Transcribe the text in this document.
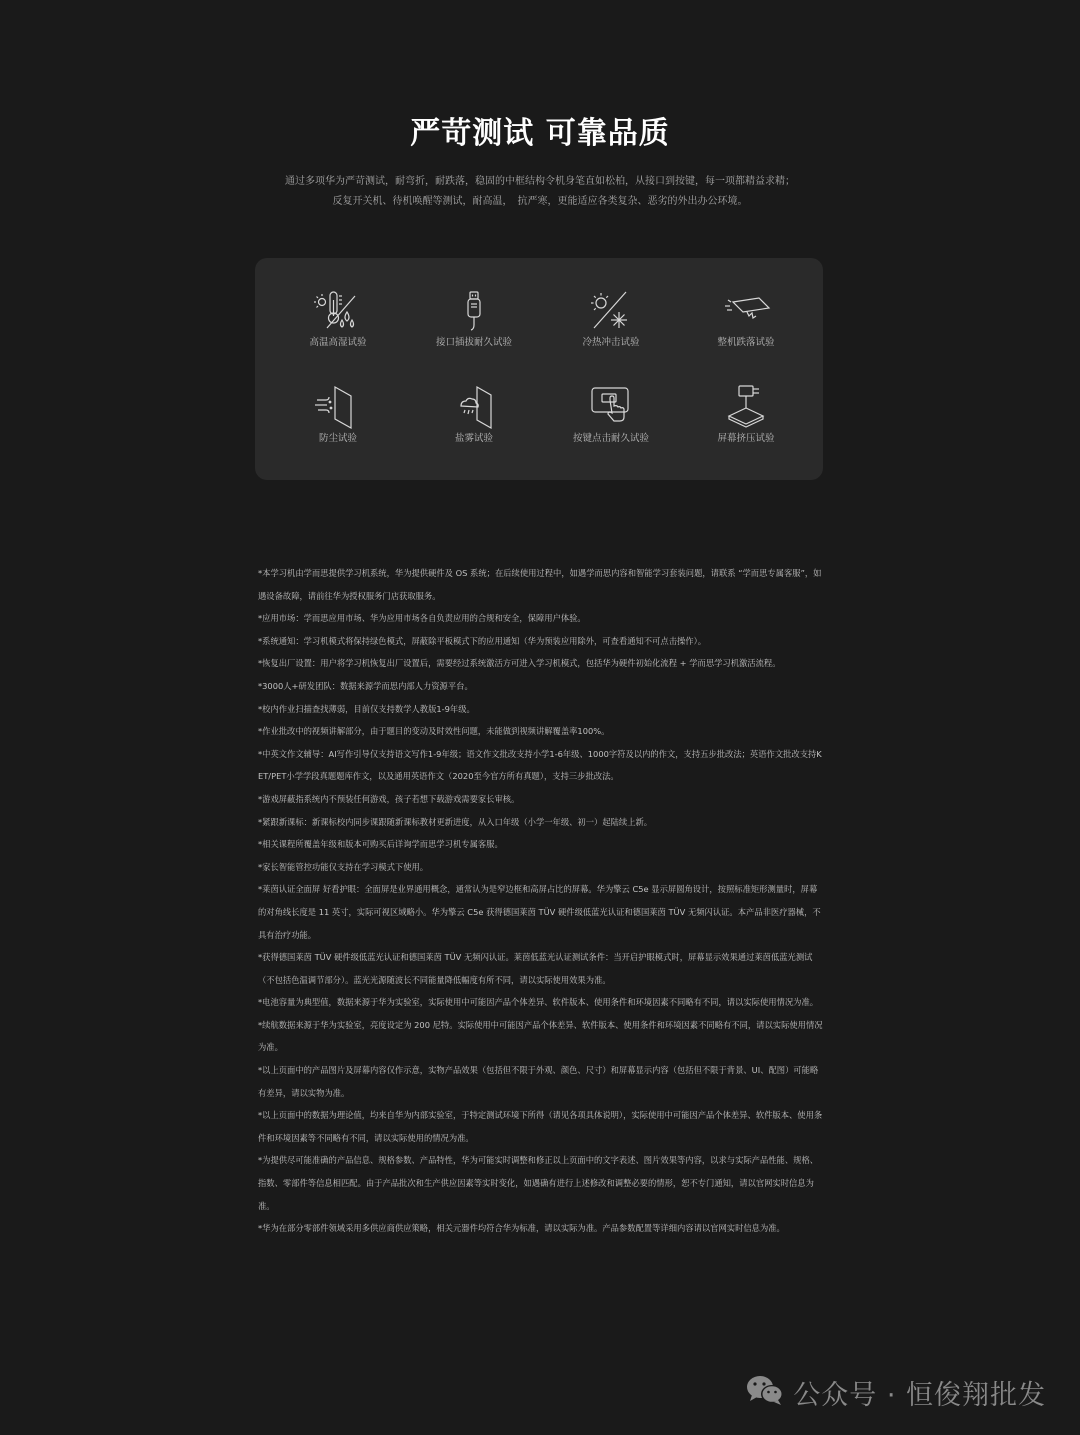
严苛测试 可靠品质

通过多项华为严苛测试，耐弯折，耐跌落，稳固的中框结构令机身笔直如松柏，从接口到按键，每一项都精益求精；

反复开关机、待机唤醒等测试，耐高温，　抗严寒，更能适应各类复杂、恶劣的外出办公环境。

高温高湿试验	接口插拔耐久试验	冷热冲击试验	整机跌落试验
防尘试验	盐雾试验	按键点击耐久试验	屏幕挤压试验

*本学习机由学而思提供学习机系统，华为提供硬件及 OS 系统；在后续使用过程中，如遇学而思内容和智能学习套装问题，请联系 “学而思专属客服”，如遇设备故障，请前往华为授权服务门店获取服务。

*应用市场：学而思应用市场、华为应用市场各自负责应用的合规和安全，保障用户体验。

*系统通知：学习机模式将保持绿色模式，屏蔽除平板模式下的应用通知（华为预装应用除外，可查看通知不可点击操作）。

*恢复出厂设置：用户将学习机恢复出厂设置后，需要经过系统激活方可进入学习机模式，包括华为硬件初始化流程 + 学而思学习机激活流程。

*3000人+研发团队：数据来源学而思内部人力资源平台。

*校内作业扫描查找薄弱，目前仅支持数学人教版1-9年级。

*作业批改中的视频讲解部分，由于题目的变动及时效性问题，未能做到视频讲解覆盖率100%。

*中英文作文辅导：AI写作引导仅支持语文写作1-9年级；语文作文批改支持小学1-6年级、1000字符及以内的作文，支持五步批改法；英语作文批改支持KET/PET小学学段真题题库作文，以及通用英语作文（2020至今官方所有真题），支持三步批改法。

*游戏屏蔽指系统内不预装任何游戏，孩子若想下载游戏需要家长审核。

*紧跟新课标：新课标校内同步课跟随新课标教材更新进度，从入口年级（小学一年级、初一）起陆续上新。

*相关课程所覆盖年级和版本可购买后详询学而思学习机专属客服。

*家长智能管控功能仅支持在学习模式下使用。

*莱茵认证全面屏 好看护眼：全面屏是业界通用概念，通常认为是窄边框和高屏占比的屏幕。华为擎云 C5e 显示屏圆角设计，按照标准矩形测量时，屏幕的对角线长度是 11 英寸，实际可视区域略小。华为擎云 C5e 获得德国莱茵 TÜV 硬件级低蓝光认证和德国莱茵 TÜV 无频闪认证。本产品非医疗器械，不具有治疗功能。

*获得德国莱茵 TÜV 硬件级低蓝光认证和德国莱茵 TÜV 无频闪认证。莱茵低蓝光认证测试条件：当开启护眼模式时，屏幕显示效果通过莱茵低蓝光测试（不包括色温调节部分）。蓝光光源随波长不同能量降低幅度有所不同，请以实际使用效果为准。

*电池容量为典型值，数据来源于华为实验室，实际使用中可能因产品个体差异、软件版本、使用条件和环境因素不同略有不同，请以实际使用情况为准。

*续航数据来源于华为实验室，亮度设定为 200 尼特。实际使用中可能因产品个体差异、软件版本、使用条件和环境因素不同略有不同，请以实际使用情况为准。

*以上页面中的产品图片及屏幕内容仅作示意，实物产品效果（包括但不限于外观、颜色、尺寸）和屏幕显示内容（包括但不限于背景、UI、配图）可能略有差异，请以实物为准。

*以上页面中的数据为理论值，均来自华为内部实验室，于特定测试环境下所得（请见各项具体说明），实际使用中可能因产品个体差异、软件版本、使用条件和环境因素等不同略有不同，请以实际使用的情况为准。

*为提供尽可能准确的产品信息、规格参数、产品特性，华为可能实时调整和修正以上页面中的文字表述、图片效果等内容，以求与实际产品性能、规格、指数、零部件等信息相匹配。由于产品批次和生产供应因素等实时变化，如遇确有进行上述修改和调整必要的情形，恕不专门通知，请以官网实时信息为准。

*华为在部分零部件领域采用多供应商供应策略，相关元器件均符合华为标准，请以实际为准。产品参数配置等详细内容请以官网实时信息为准。

公众号 · 恒俊翔批发
